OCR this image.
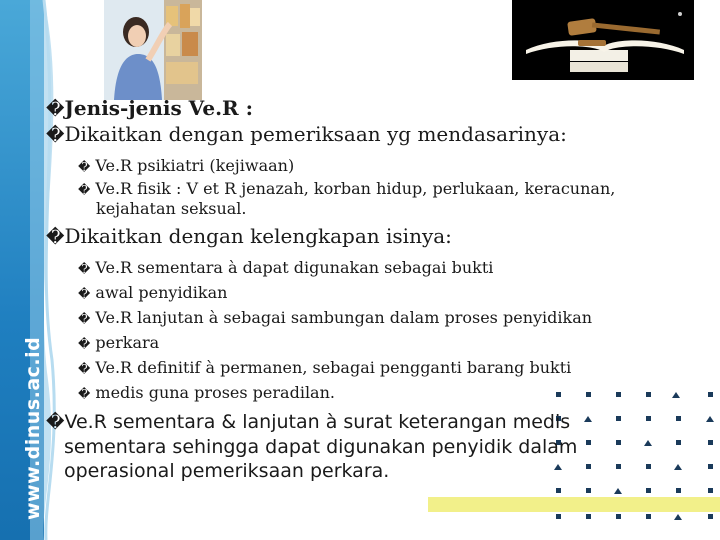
www.dinus.ac.id
�Jenis-jenis Ve.R :
�Dikaitkan dengan pemeriksaan yg mendasarinya:
� Ve.R psikiatri (kejiwaan)
� Ve.R fisik : V et R jenazah, korban hidup, perlukaan, keracunan,
kejahatan seksual.
�Dikaitkan dengan kelengkapan isinya:
� Ve.R sementara à dapat digunakan sebagai bukti
� awal penyidikan
� Ve.R lanjutan à sebagai sambungan dalam proses penyidikan
� perkara
� Ve.R definitif à permanen, sebagai pengganti barang bukti
� medis guna proses peradilan.
�Ve.R sementara & lanjutan à surat keterangan medis
sementara sehingga dapat digunakan penyidik dalam
operasional pemeriksaan perkara.
